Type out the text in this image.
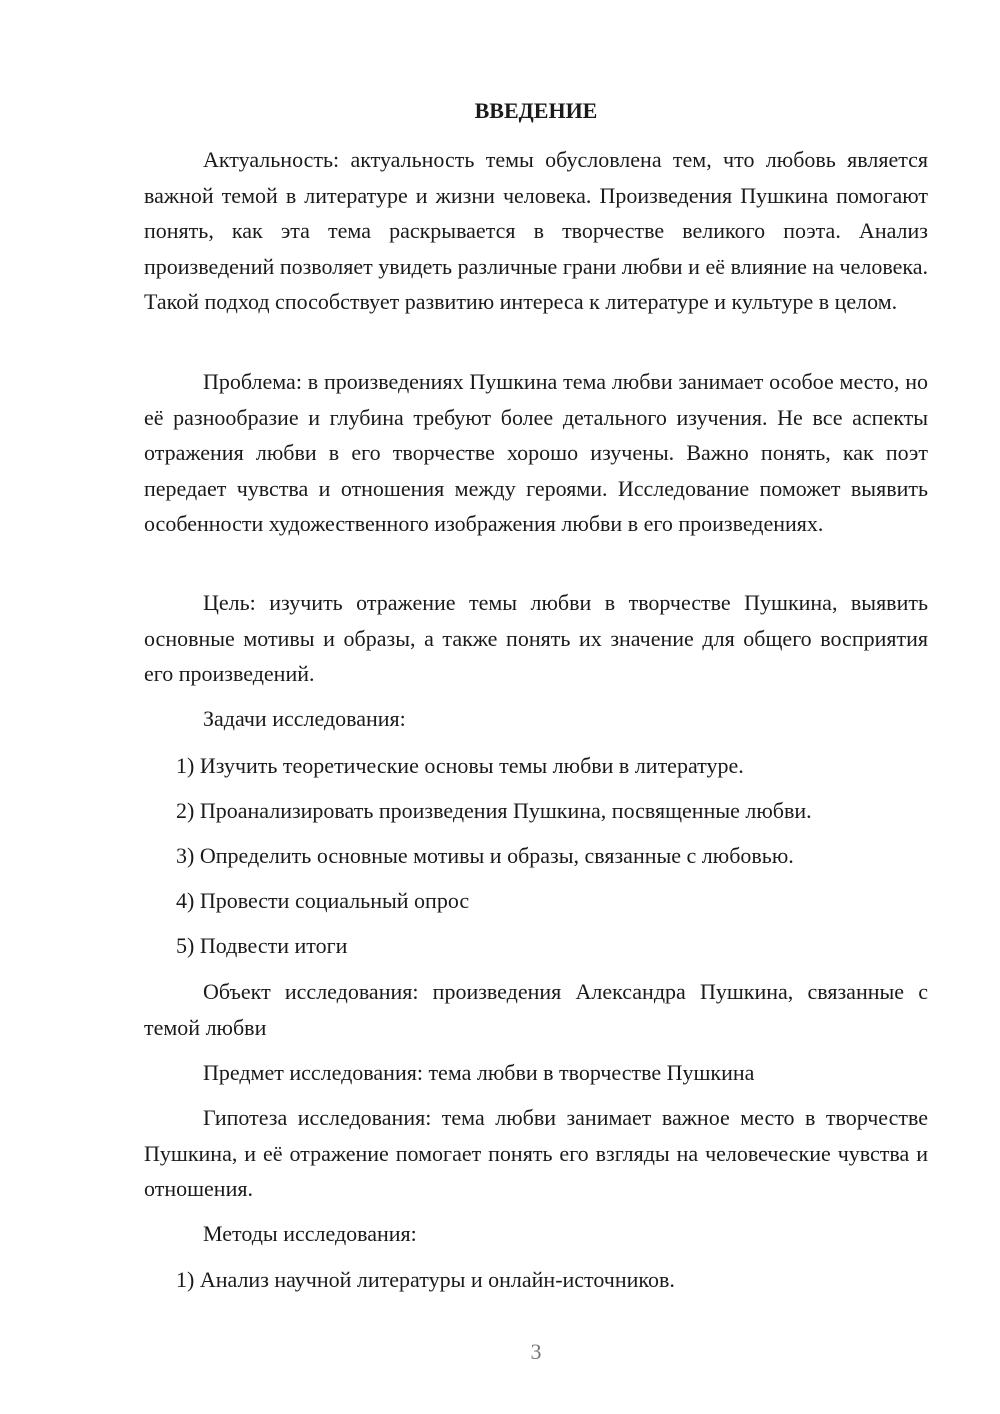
ВВЕДЕНИЕ

Актуальность: актуальность темы обусловлена тем, что любовь является важной темой в литературе и жизни человека. Произведения Пушкина помогают понять, как эта тема раскрывается в творчестве великого поэта. Анализ произведений позволяет увидеть различные грани любви и её влияние на человека. Такой подход способствует развитию интереса к литературе и культуре в целом.

Проблема: в произведениях Пушкина тема любви занимает особое место, но её разнообразие и глубина требуют более детального изучения. Не все аспекты отражения любви в его творчестве хорошо изучены. Важно понять, как поэт передает чувства и отношения между героями. Исследование поможет выявить особенности художественного изображения любви в его произведениях.

Цель: изучить отражение темы любви в творчестве Пушкина, выявить основные мотивы и образы, а также понять их значение для общего восприятия его произведений.

Задачи исследования:

1) Изучить теоретические основы темы любви в литературе.

2) Проанализировать произведения Пушкина, посвященные любви.

3) Определить основные мотивы и образы, связанные с любовью.

4) Провести социальный опрос

5) Подвести итоги

Объект исследования: произведения Александра Пушкина, связанные с темой любви

Предмет исследования: тема любви в творчестве Пушкина

Гипотеза исследования: тема любви занимает важное место в творчестве Пушкина, и её отражение помогает понять его взгляды на человеческие чувства и отношения.

Методы исследования:

1) Анализ научной литературы и онлайн-источников.

3
